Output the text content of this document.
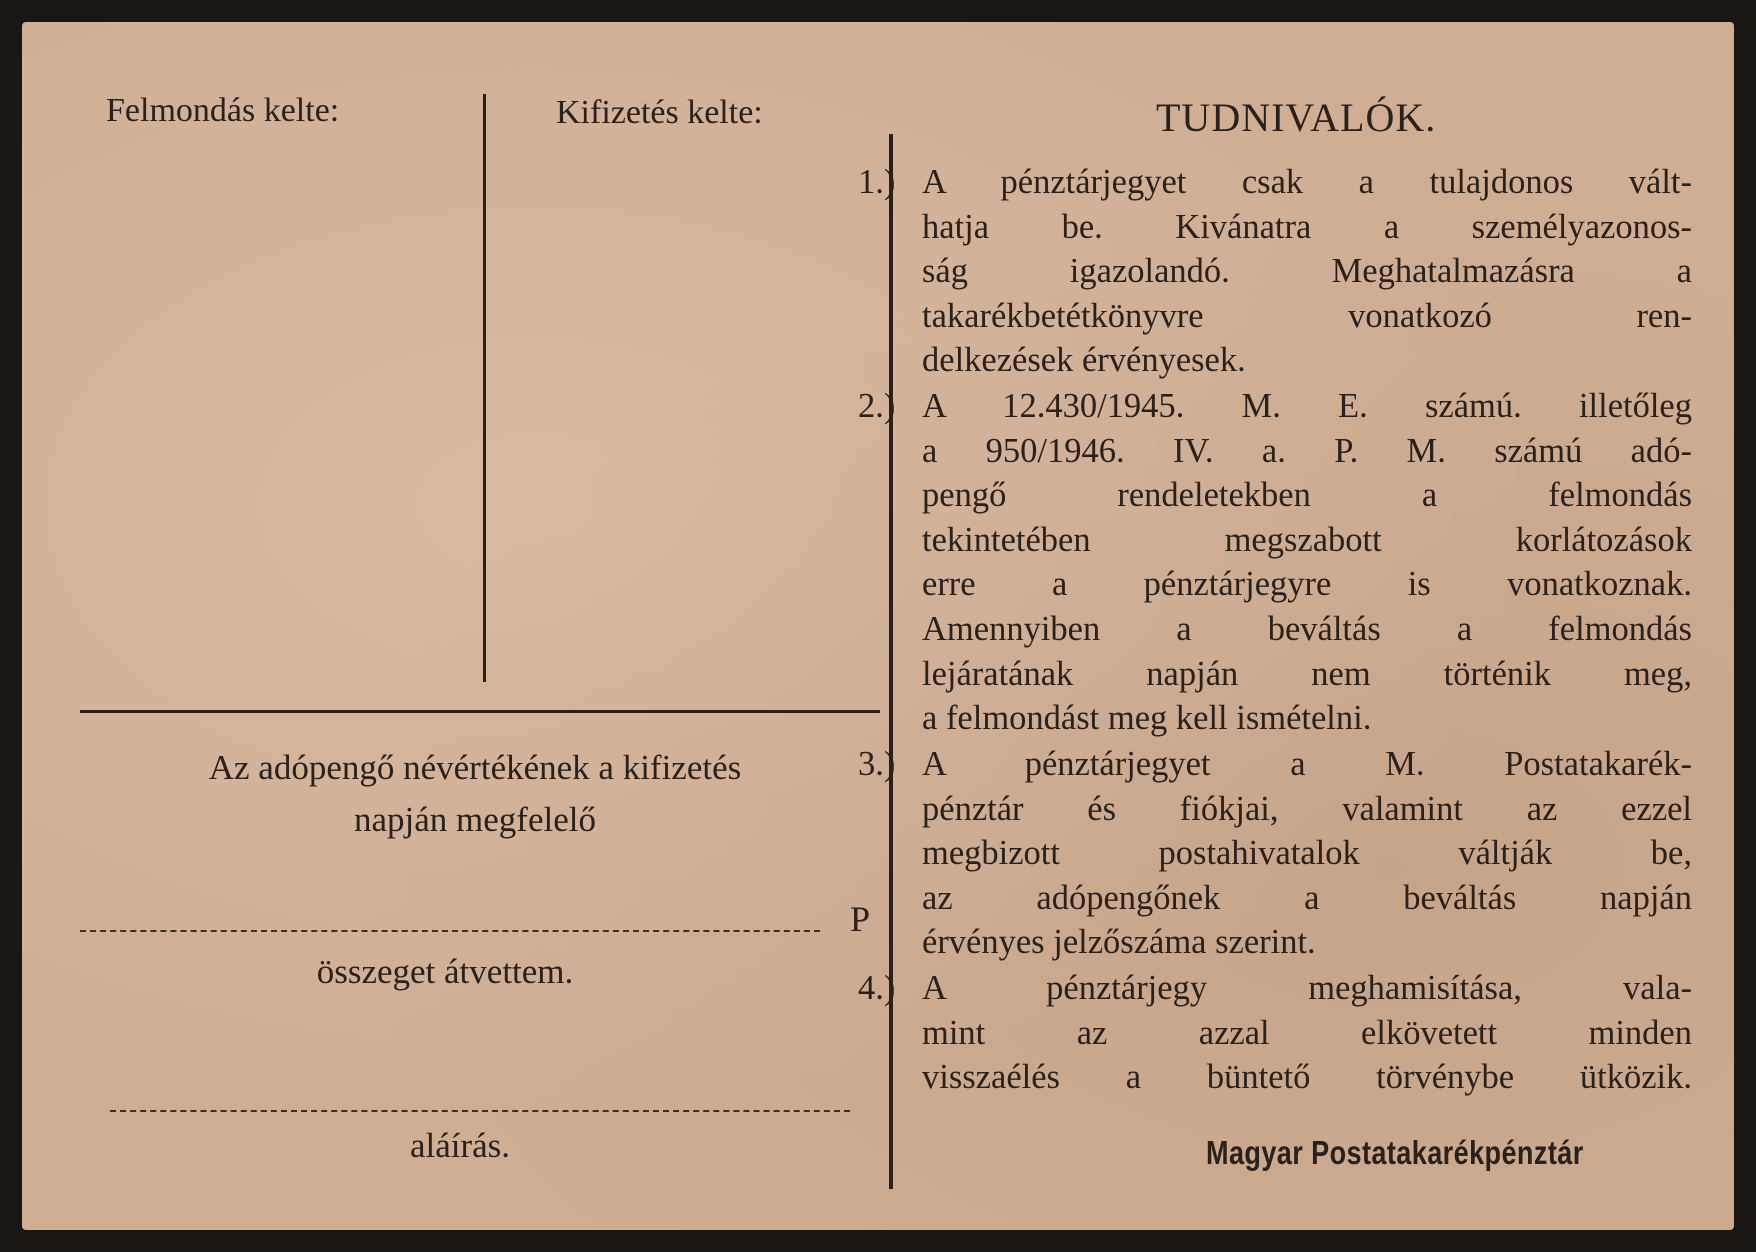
Felmondás kelte:	Kifizetés kelte:
Az adópengő névértékének a kifizetés
napján megfelelő
P
összeget átvettem.
aláírás.
TUDNIVALÓK.
1.) A pénztárjegyet csak a tulajdonos vált-
hatja be. Kivánatra a személyazonos-
ság igazolandó. Meghatalmazásra a
takarékbetétkönyvre vonatkozó ren-
delkezések érvényesek.
2.) A 12.430/1945. M. E. számú. illetőleg
a 950/1946. IV. a. P. M. számú adó-
pengő rendeletekben a felmondás
tekintetében megszabott korlátozások
erre a pénztárjegyre is vonatkoznak.
Amennyiben a beváltás a felmondás
lejáratának napján nem történik meg,
a felmondást meg kell ismételni.
3.) A pénztárjegyet a M. Postatakarék-
pénztár és fiókjai, valamint az ezzel
megbizott postahivatalok váltják be,
az adópengőnek a beváltás napján
érvényes jelzőszáma szerint.
4.) A pénztárjegy meghamisítása, vala-
mint az azzal elkövetett minden
visszaélés a büntető törvénybe ütközik.
Magyar Postatakarékpénztár
